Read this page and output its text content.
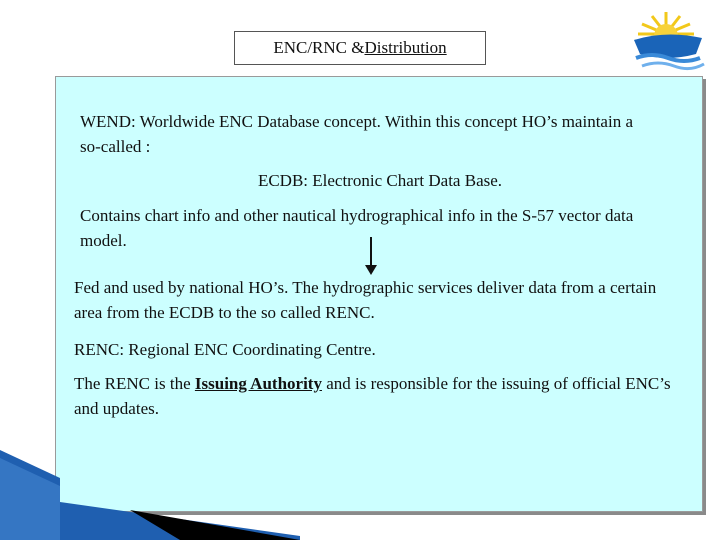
ENC/RNC & Distribution

WEND: Worldwide ENC Database concept. Within this concept HO’s maintain a so-called :

ECDB: Electronic Chart Data Base.

Contains chart info and other nautical hydrographical info in the S-57 vector data model.

Fed and used by national HO’s. The hydrographic services deliver data from a certain area from the ECDB to the so called RENC.

RENC: Regional ENC Coordinating Centre.

The RENC is the Issuing Authority and is responsible for the issuing of official ENC’s and updates.
